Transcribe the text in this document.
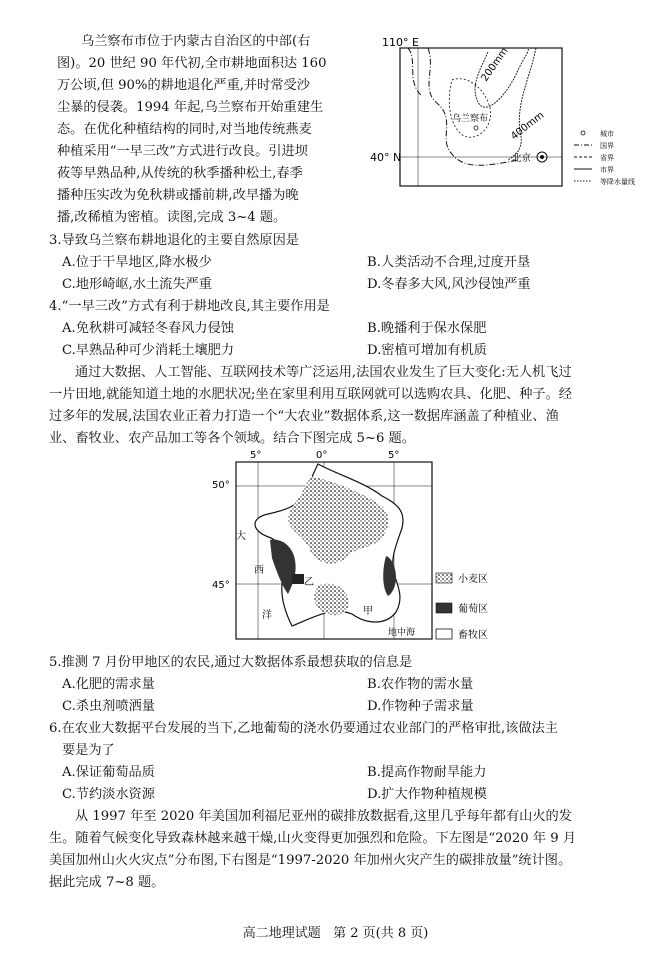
乌兰察布市位于内蒙古自治区的中部(右
图)。20 世纪 90 年代初,全市耕地面积达 160
万公顷,但 90%的耕地退化严重,并时常受沙
尘暴的侵袭。1994 年起,乌兰察布开始重建生
态。在优化种植结构的同时,对当地传统燕麦
种植采用“一早三改”方式进行改良。引进坝
莜等早熟品种,从传统的秋季播种松土,春季
播种压实改为免秋耕或播前耕,改早播为晚
播,改稀植为密植。读图,完成 3~4 题。
110° E
40° N
200mm
400mm
乌兰察布
北京
城市
国界
省界
市界
等降水量线
3.导致乌兰察布耕地退化的主要自然原因是
A.位于干旱地区,降水极少	B.人类活动不合理,过度开垦
C.地形崎岖,水土流失严重	D.冬春多大风,风沙侵蚀严重
4.“一早三改”方式有利于耕地改良,其主要作用是
A.免秋耕可减轻冬春风力侵蚀	B.晚播利于保水保肥
C.早熟品种可少消耗土壤肥力	D.密植可增加有机质
通过大数据、人工智能、互联网技术等广泛运用,法国农业发生了巨大变化:无人机飞过
一片田地,就能知道土地的水肥状况;坐在家里利用互联网就可以选购农具、化肥、种子。经
过多年的发展,法国农业正着力打造一个“大农业”数据体系,这一数据库涵盖了种植业、渔
业、畜牧业、农产品加工等各个领域。结合下图完成 5~6 题。
5°	0°	5°
50°
45°
大
西
洋	甲
乙
地中海
小麦区
葡萄区
畜牧区
5.推测 7 月份甲地区的农民,通过大数据体系最想获取的信息是
A.化肥的需求量	B.农作物的需水量
C.杀虫剂喷洒量	D.作物种子需求量
6.在农业大数据平台发展的当下,乙地葡萄的浇水仍要通过农业部门的严格审批,该做法主
要是为了
A.保证葡萄品质	B.提高作物耐旱能力
C.节约淡水资源	D.扩大作物种植规模
从 1997 年至 2020 年美国加利福尼亚州的碳排放数据看,这里几乎每年都有山火的发
生。随着气候变化导致森林越来越干燥,山火变得更加强烈和危险。下左图是“2020 年 9 月
美国加州山火火灾点”分布图,下右图是“1997-2020 年加州火灾产生的碳排放量”统计图。
据此完成 7~8 题。
高二地理试题   第 2 页(共 8 页)
